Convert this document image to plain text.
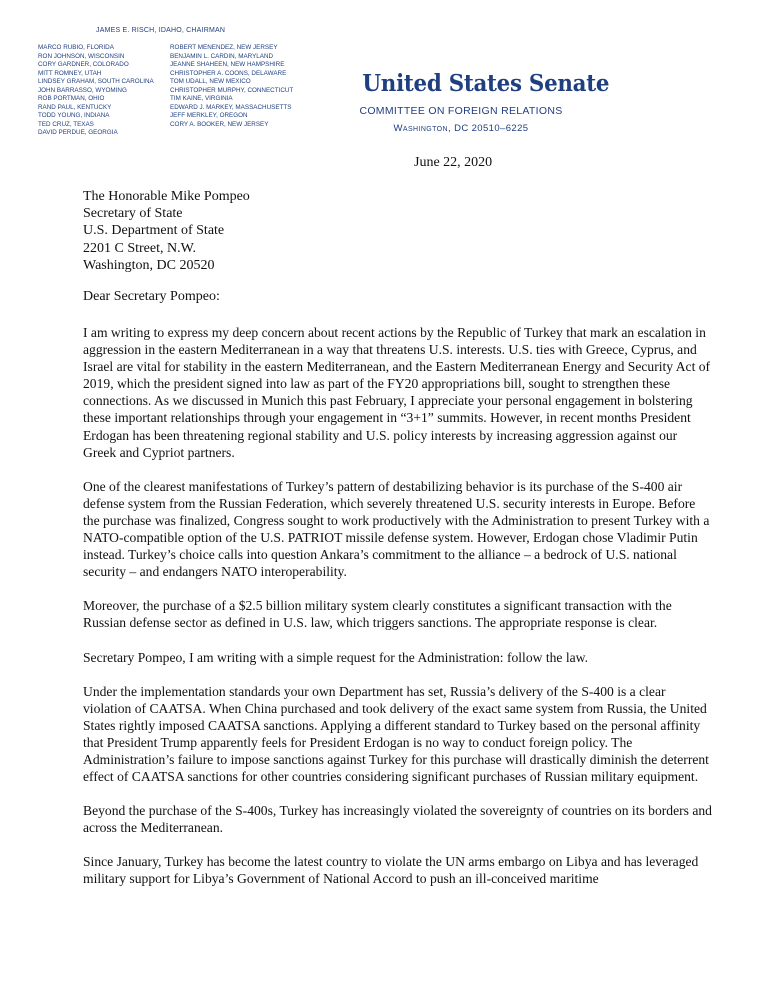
JAMES E. RISCH, IDAHO, CHAIRMAN
MARCO RUBIO, FLORIDA
RON JOHNSON, WISCONSIN
CORY GARDNER, COLORADO
MITT ROMNEY, UTAH
LINDSEY GRAHAM, SOUTH CAROLINA
JOHN BARRASSO, WYOMING
ROB PORTMAN, OHIO
RAND PAUL, KENTUCKY
TODD YOUNG, INDIANA
TED CRUZ, TEXAS
DAVID PERDUE, GEORGIA
ROBERT MENENDEZ, NEW JERSEY
BENJAMIN L. CARDIN, MARYLAND
JEANNE SHAHEEN, NEW HAMPSHIRE
CHRISTOPHER A. COONS, DELAWARE
TOM UDALL, NEW MEXICO
CHRISTOPHER MURPHY, CONNECTICUT
TIM KAINE, VIRGINIA
EDWARD J. MARKEY, MASSACHUSETTS
JEFF MERKLEY, OREGON
CORY A. BOOKER, NEW JERSEY
United States Senate
COMMITTEE ON FOREIGN RELATIONS
Washington, DC 20510–6225
June 22, 2020
The Honorable Mike Pompeo
Secretary of State
U.S. Department of State
2201 C Street, N.W.
Washington, DC 20520
Dear Secretary Pompeo:

I am writing to express my deep concern about recent actions by the Republic of Turkey that mark an escalation in aggression in the eastern Mediterranean in a way that threatens U.S. interests. U.S. ties with Greece, Cyprus, and Israel are vital for stability in the eastern Mediterranean, and the Eastern Mediterranean Energy and Security Act of 2019, which the president signed into law as part of the FY20 appropriations bill, sought to strengthen these connections. As we discussed in Munich this past February, I appreciate your personal engagement in bolstering these important relationships through your engagement in “3+1” summits. However, in recent months President Erdogan has been threatening regional stability and U.S. policy interests by increasing aggression against our Greek and Cypriot partners.

One of the clearest manifestations of Turkey’s pattern of destabilizing behavior is its purchase of the S-400 air defense system from the Russian Federation, which severely threatened U.S. security interests in Europe. Before the purchase was finalized, Congress sought to work productively with the Administration to present Turkey with a NATO-compatible option of the U.S. PATRIOT missile defense system. However, Erdogan chose Vladimir Putin instead. Turkey’s choice calls into question Ankara’s commitment to the alliance – a bedrock of U.S. national security – and endangers NATO interoperability.

Moreover, the purchase of a $2.5 billion military system clearly constitutes a significant transaction with the Russian defense sector as defined in U.S. law, which triggers sanctions. The appropriate response is clear.

Secretary Pompeo, I am writing with a simple request for the Administration: follow the law.

Under the implementation standards your own Department has set, Russia’s delivery of the S-400 is a clear violation of CAATSA. When China purchased and took delivery of the exact same system from Russia, the United States rightly imposed CAATSA sanctions. Applying a different standard to Turkey based on the personal affinity that President Trump apparently feels for President Erdogan is no way to conduct foreign policy. The Administration’s failure to impose sanctions against Turkey for this purchase will drastically diminish the deterrent effect of CAATSA sanctions for other countries considering significant purchases of Russian military equipment.

Beyond the purchase of the S-400s, Turkey has increasingly violated the sovereignty of countries on its borders and across the Mediterranean.

Since January, Turkey has become the latest country to violate the UN arms embargo on Libya and has leveraged military support for Libya’s Government of National Accord to push an ill-conceived maritime
